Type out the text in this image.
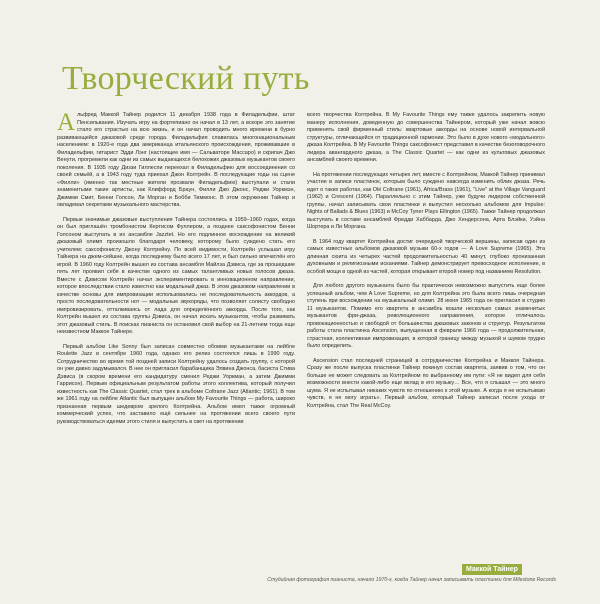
Творческий путь

Альфред Маккой Тайнер родился 11 декабря 1938 года в Филадельфии, штат Пенсильвания. Изучать игру на фортепиано он начал в 13 лет, а вскоре это занятие стало его страстью на всю жизнь, и он начал проводить много времени в бурно развивающейся джазовой среде города. Филадельфия славилась многонациональным населением: в 1920-е года два американца итальянского происхождения, проживавшие в Филадельфии, гитарист Эдди Лэнг (настоящее имя — Сальваторе Массаро) и скрипач Джо Венути, прогремели как одни из самых выдающихся белокожих джазовых музыкантов своего поколения. В 1935 году Диззи Гиллеспи переехал в Филадельфию для воссоединения со своей семьёй, а в 1943 году туда приехал Джон Колтрейн. В последующие годы на сцене «Филли» (именно так местные жители прозвали Филадельфию) выступали и стали знаменитыми такие артисты, как Клиффорд Браун, Филли Джо Джонс, Реджи Уоркмэн, Джимми Смит, Бенни Голсон, Ли Морган и Бобби Тиммонс. В этом окружении Тайнер и овладевал секретами музыкального мастерства.

Первые значимые джазовые выступления Тайнера состоялись в 1959–1960 годах, когда он был приглашён тромбонистом Кертисом Фуллером, а позднее саксофонистом Бенни Голсоном выступать в их ансамбле Jazztet. Но его подлинное восхождение на великий джазовый олимп произошло благодаря человеку, которому было суждено стать его учителем: саксофонисту Джону Колтрейну. По всей видимости, Колтрейн услышал игру Тайнера на джем-сейшне, когда последнему было всего 17 лет, и был сильно впечатлён его игрой. В 1960 году Колтрейн вышел из состава ансамбля Майлза Дэвиса, где за прошедшие пять лет проявил себя в качестве одного из самых талантливых новых голосов джаза. Вместе с Дэвисом Колтрейн начал экспериментировать в инновационном направлении, которое впоследствии стало известно как модальный джаз. В этом джазовом направлении в качестве основы для импровизации использовались не последовательность аккордов, а просто последовательности нот — модальные звукоряды, что позволяет солисту свободно импровизировать, отталкиваясь от лада для определённого аккорда. После того, как Колтрейн вышел из состава группы Дэвиса, он начал искать музыкантов, чтобы развивать этот джазовый стиль. В поисках пианиста он остановил свой выбор на 21-летнем тогда еще неизвестном Маккое Тайнере.

Первый альбом Like Sonny был записан совместно обоими музыкантами на лейбле Roulette Jazz в сентябре 1960 года, однако его релиз состоялся лишь в 1990 году. Сотрудничество во время той поздней записи Колтрейну удалось создать группу, с которой он уже давно задумывался. В нее он пригласил барабанщика Элвина Джонса, басиста Стива Дэвиса (в скором времени его кандидатуру сменил Реджи Уоркман, а затем Джимми Гаррисон). Первым официальным результатом работы этого коллектива, который получил известность как The Classic Quartet, стал трек в альбоме Coltrane Jazz (Atlantic; 1961). В том же 1961 году на лейбле Atlantic был выпущен альбом My Favourite Things — работа, широко признанная первым шедевром зрелого Колтрейна. Альбом имел также огромный коммерческий успех, что заставило ещё сильнее на протяжении всего своего пути руководствоваться идеями этого стиля и выпустить в свет на протяжении

всего творчества Колтрейна. В My Favourite Things ему также удалось закрепить новую манеру исполнения, доведенную до совершенства Тайнером, который уже начал вовсю применять свой фирменный стиль: квартовые аккорды на основе новой интервальной структуры, отличающейся от традиционной гармонии. Это было в духе нового «модального» джаза Колтрейна. В My Favourite Things саксофонист представил в качестве безоговорочного лидера авангардного джаза, а The Classic Quartet — как одни из культовых джазовых ансамблей своего времени.

На протяжении последующих четырех лет, вместе с Колтрейном, Маккой Тайнер принимал участие в записи пластинок, которым было суждено навсегда изменить облик джаза. Речь идет о таких работах, как Olé Coltrane (1961), Africa/Brass (1961), "Live" at the Village Vanguard (1962) и Crescent (1964). Параллельно с этим Тайнер, уже будучи лидером собственной группы, начал записывать свои пластинки и выпустил несколько альбомов для Impulse: Nights of Ballads & Blues (1963) и McCoy Tyner Plays Ellington (1965). Также Тайнер продолжал выступать в составе ансамблей Фредди Хаббарда, Джо Хендерсона, Арта Блэйки, Уэйна Шортера и Ли Моргана.

В 1964 году квартет Колтрейна достиг очередной творческой вершины, записав один из самых известных альбомов джазовой музыки 60-х годов — A Love Supreme (1965). Эта длинная сюита из четырех частей продолжительностью 40 минут, глубоко пронизанная духовными и религиозными исканиями. Тайнер демонстрирует превосходное исполнение, в особой мощи в одной из частей, которая открывает второй номер под названием Resolution.

Для любого другого музыканта было бы практически невозможно выпустить еще более успешный альбом, чем A Love Supreme, но для Колтрейна это была всего лишь очередная ступень при восхождении на музыкальный олимп. 28 июня 1965 года он пригласил в студию 11 музыкантов. Помимо его квартета в ансамбль вошли несколько самых знаменитых музыкантов фри-джаза, революционного направления, которое отличалось провокационностью и свободой от большинства джазовых законов и структур. Результатом работы стала пластинка Ascension, выпущенная в феврале 1966 года — продолжительная, страстная, коллективная импровизация, в которой границу между музыкой и шумом трудно было определить.

Ascension стал последней страницей в сотрудничестве Колтрейна и Маккоя Тайнера. Сразу же после выпуска пластинки Тайнер покинул состав квартета, заявив о том, что он больше не может следовать за Колтрейном по выбранному им пути: «Я не видел для себя возможности внести какой-либо еще вклад в его музыку… Все, что я слышал — это много шума. Я не испытывал никаких чувств по отношению к этой музыке. А когда я не испытываю чувств, я не могу играть». Первый альбом, который Тайнер записал после ухода от Колтрейна, стал The Real McCoy.

Маккой Тайнер
Студийная фотография пианиста, начало 1970-х, когда Тайнер начал записывать пластинки для Milestone Records
